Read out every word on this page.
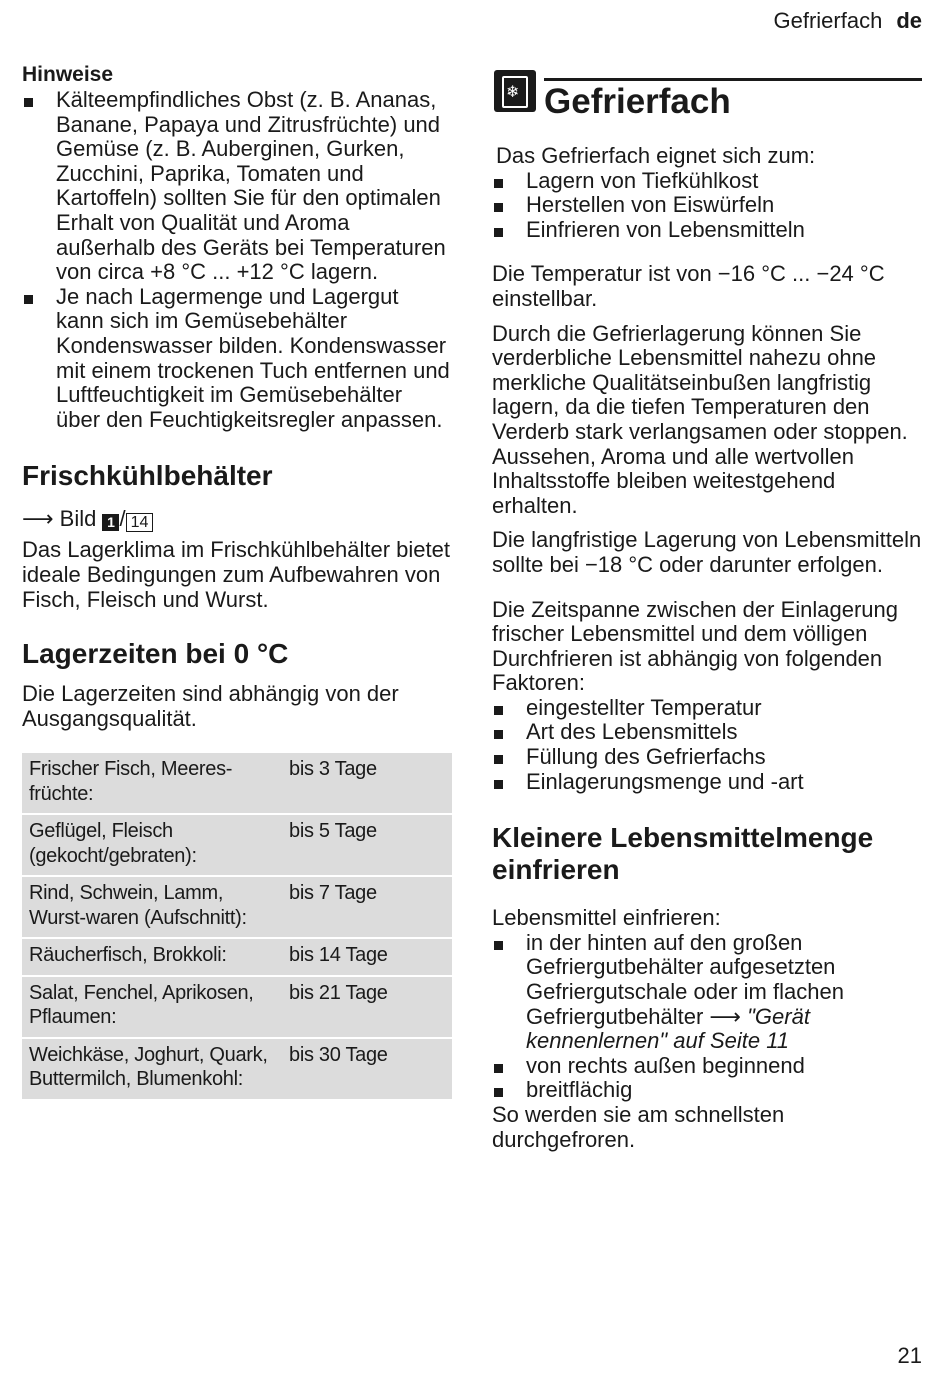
Gefrierfach de
Hinweise
Kälteempfindliches Obst (z. B. Ananas, Banane, Papaya und Zitrusfrüchte) und Gemüse (z. B. Auberginen, Gurken, Zucchini, Paprika, Tomaten und Kartoffeln) sollten Sie für den optimalen Erhalt von Qualität und Aroma außerhalb des Geräts bei Temperaturen von circa +8 °C ... +12 °C lagern.
Je nach Lagermenge und Lagergut kann sich im Gemüsebehälter Kondenswasser bilden. Kondenswasser mit einem trockenen Tuch entfernen und Luftfeuchtigkeit im Gemüsebehälter über den Feuchtigkeitsregler anpassen.
Frischkühlbehälter
⟶ Bild 1 / 14

Das Lagerklima im Frischkühlbehälter bietet ideale Bedingungen zum Aufbewahren von Fisch, Fleisch und Wurst.

Lagerzeiten bei 0 °C

Die Lagerzeiten sind abhängig von der Ausgangsqualität.

Frischer Fisch, Meeres-früchte:	bis 3 Tage
Geflügel, Fleisch (gekocht/gebraten):	bis 5 Tage
Rind, Schwein, Lamm, Wurst-waren (Aufschnitt):	bis 7 Tage
Räucherfisch, Brokkoli:	bis 14 Tage
Salat, Fenchel, Aprikosen, Pflaumen:	bis 21 Tage
Weichkäse, Joghurt, Quark, Buttermilch, Blumenkohl:	bis 30 Tage
❄ Gefrierfach

Das Gefrierfach eignet sich zum:

Lagern von Tiefkühlkost
Herstellen von Eiswürfeln
Einfrieren von Lebensmitteln

Die Temperatur ist von −16 °C ... −24 °C einstellbar.

Durch die Gefrierlagerung können Sie verderbliche Lebensmittel nahezu ohne merkliche Qualitätseinbußen langfristig lagern, da die tiefen Temperaturen den Verderb stark verlangsamen oder stoppen. Aussehen, Aroma und alle wertvollen Inhaltsstoffe bleiben weitestgehend erhalten.

Die langfristige Lagerung von Lebensmitteln sollte bei −18 °C oder darunter erfolgen.

Die Zeitspanne zwischen der Einlagerung frischer Lebensmittel und dem völligen Durchfrieren ist abhängig von folgenden Faktoren:

eingestellter Temperatur
Art des Lebensmittels
Füllung des Gefrierfachs
Einlagerungsmenge und -art
Kleinere Lebensmittelmenge einfrieren

Lebensmittel einfrieren:

in der hinten auf den großen Gefriergutbehälter aufgesetzten Gefriergutschale oder im flachen Gefriergutbehälter ⟶ "Gerät kennenlernen" auf Seite 11
von rechts außen beginnend
breitflächig

So werden sie am schnellsten durchgefroren.

21
